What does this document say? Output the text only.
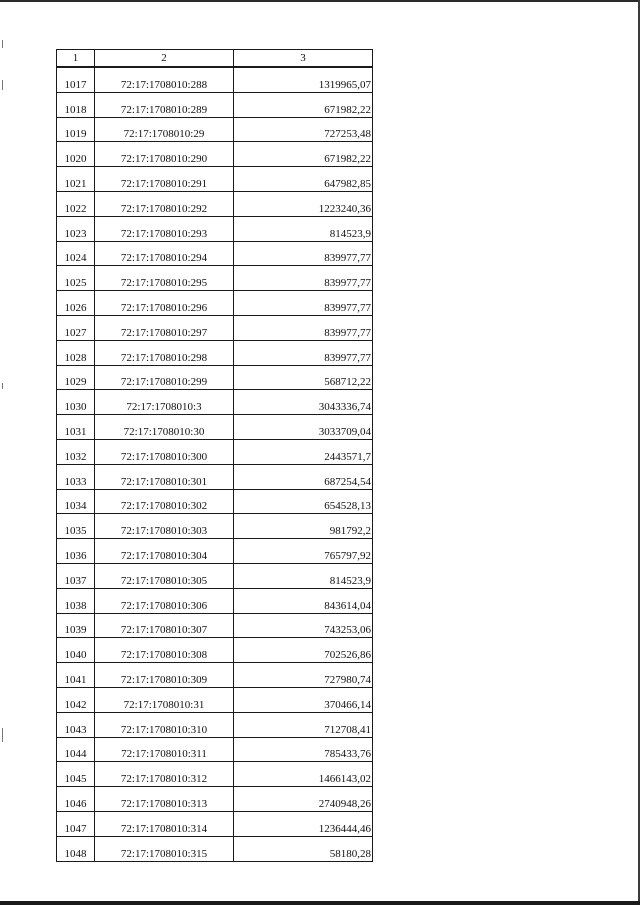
1	2	3
1017	72:17:1708010:288	1319965,07
1018	72:17:1708010:289	671982,22
1019	72:17:1708010:29	727253,48
1020	72:17:1708010:290	671982,22
1021	72:17:1708010:291	647982,85
1022	72:17:1708010:292	1223240,36
1023	72:17:1708010:293	814523,9
1024	72:17:1708010:294	839977,77
1025	72:17:1708010:295	839977,77
1026	72:17:1708010:296	839977,77
1027	72:17:1708010:297	839977,77
1028	72:17:1708010:298	839977,77
1029	72:17:1708010:299	568712,22
1030	72:17:1708010:3	3043336,74
1031	72:17:1708010:30	3033709,04
1032	72:17:1708010:300	2443571,7
1033	72:17:1708010:301	687254,54
1034	72:17:1708010:302	654528,13
1035	72:17:1708010:303	981792,2
1036	72:17:1708010:304	765797,92
1037	72:17:1708010:305	814523,9
1038	72:17:1708010:306	843614,04
1039	72:17:1708010:307	743253,06
1040	72:17:1708010:308	702526,86
1041	72:17:1708010:309	727980,74
1042	72:17:1708010:31	370466,14
1043	72:17:1708010:310	712708,41
1044	72:17:1708010:311	785433,76
1045	72:17:1708010:312	1466143,02
1046	72:17:1708010:313	2740948,26
1047	72:17:1708010:314	1236444,46
1048	72:17:1708010:315	58180,28
